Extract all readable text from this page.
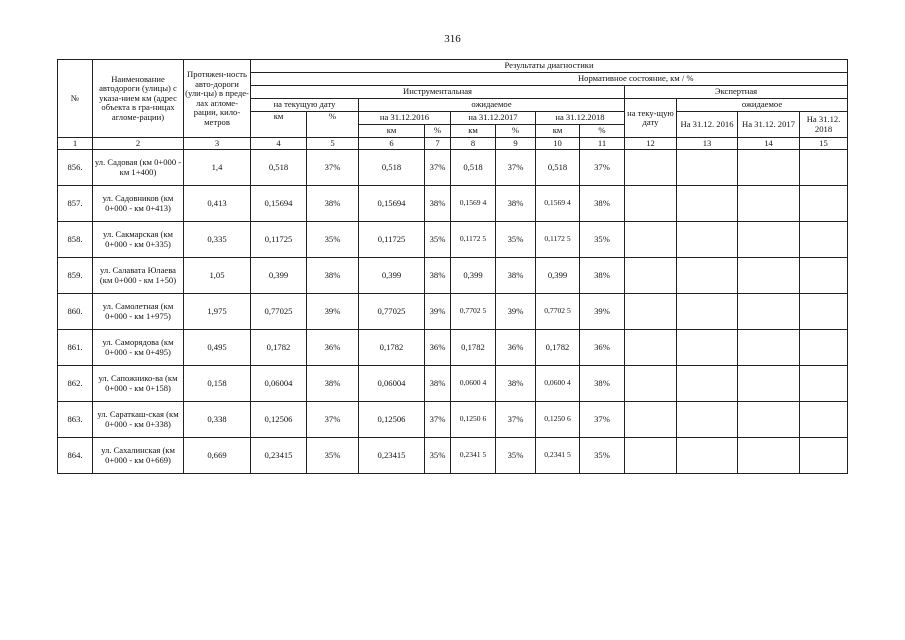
316
№	Наименование автодороги (улицы) с указа-нием км (адрес объекта в гра-ницах агломе-рации)	Протяжен-ность авто-дороги (ули-цы) в преде-лах агломе-рации, кило-метров	Результаты диагностики											
						Нормативное состояние, км / %								
			Инструментальная								Экспертная			
			на текущую дату		ожидаемое						на теку-щую дату	ожидаемое		
			км	%	на 31.12.2016		на 31.12.2017		на 31.12.2018			На 31.12. 2016	На 31.12. 2017	На 31.12. 2018
					км	%	км	%	км	%				
1	2	3	4	5	6	7	8	9	10	11	12	13	14	15
856.	ул. Садовая (км 0+000 - км 1+400)	1,4	0,518	37%	0,518	37%	0,518	37%	0,518	37%				
857.	ул. Садовников (км 0+000 - км 0+413)	0,413	0,15694	38%	0,15694	38%	0,1569 4	38%	0,1569 4	38%				
858.	ул. Сакмарская (км 0+000 - км 0+335)	0,335	0,11725	35%	0,11725	35%	0,1172 5	35%	0,1172 5	35%				
859.	ул. Салавата Юлаева (км 0+000 - км 1+50)	1,05	0,399	38%	0,399	38%	0,399	38%	0,399	38%				
860.	ул. Самолетная (км 0+000 - км 1+975)	1,975	0,77025	39%	0,77025	39%	0,7702 5	39%	0,7702 5	39%				
861.	ул. Саморядова (км 0+000 - км 0+495)	0,495	0,1782	36%	0,1782	36%	0,1782	36%	0,1782	36%				
862.	ул. Сапожнико-ва (км 0+000 - км 0+158)	0,158	0,06004	38%	0,06004	38%	0,0600 4	38%	0,0600 4	38%				
863.	ул. Сараткаш-ская (км 0+000 - км 0+338)	0,338	0,12506	37%	0,12506	37%	0,1250 6	37%	0,1250 6	37%				
864.	ул. Сахалинская (км 0+000 - км 0+669)	0,669	0,23415	35%	0,23415	35%	0,2341 5	35%	0,2341 5	35%				
